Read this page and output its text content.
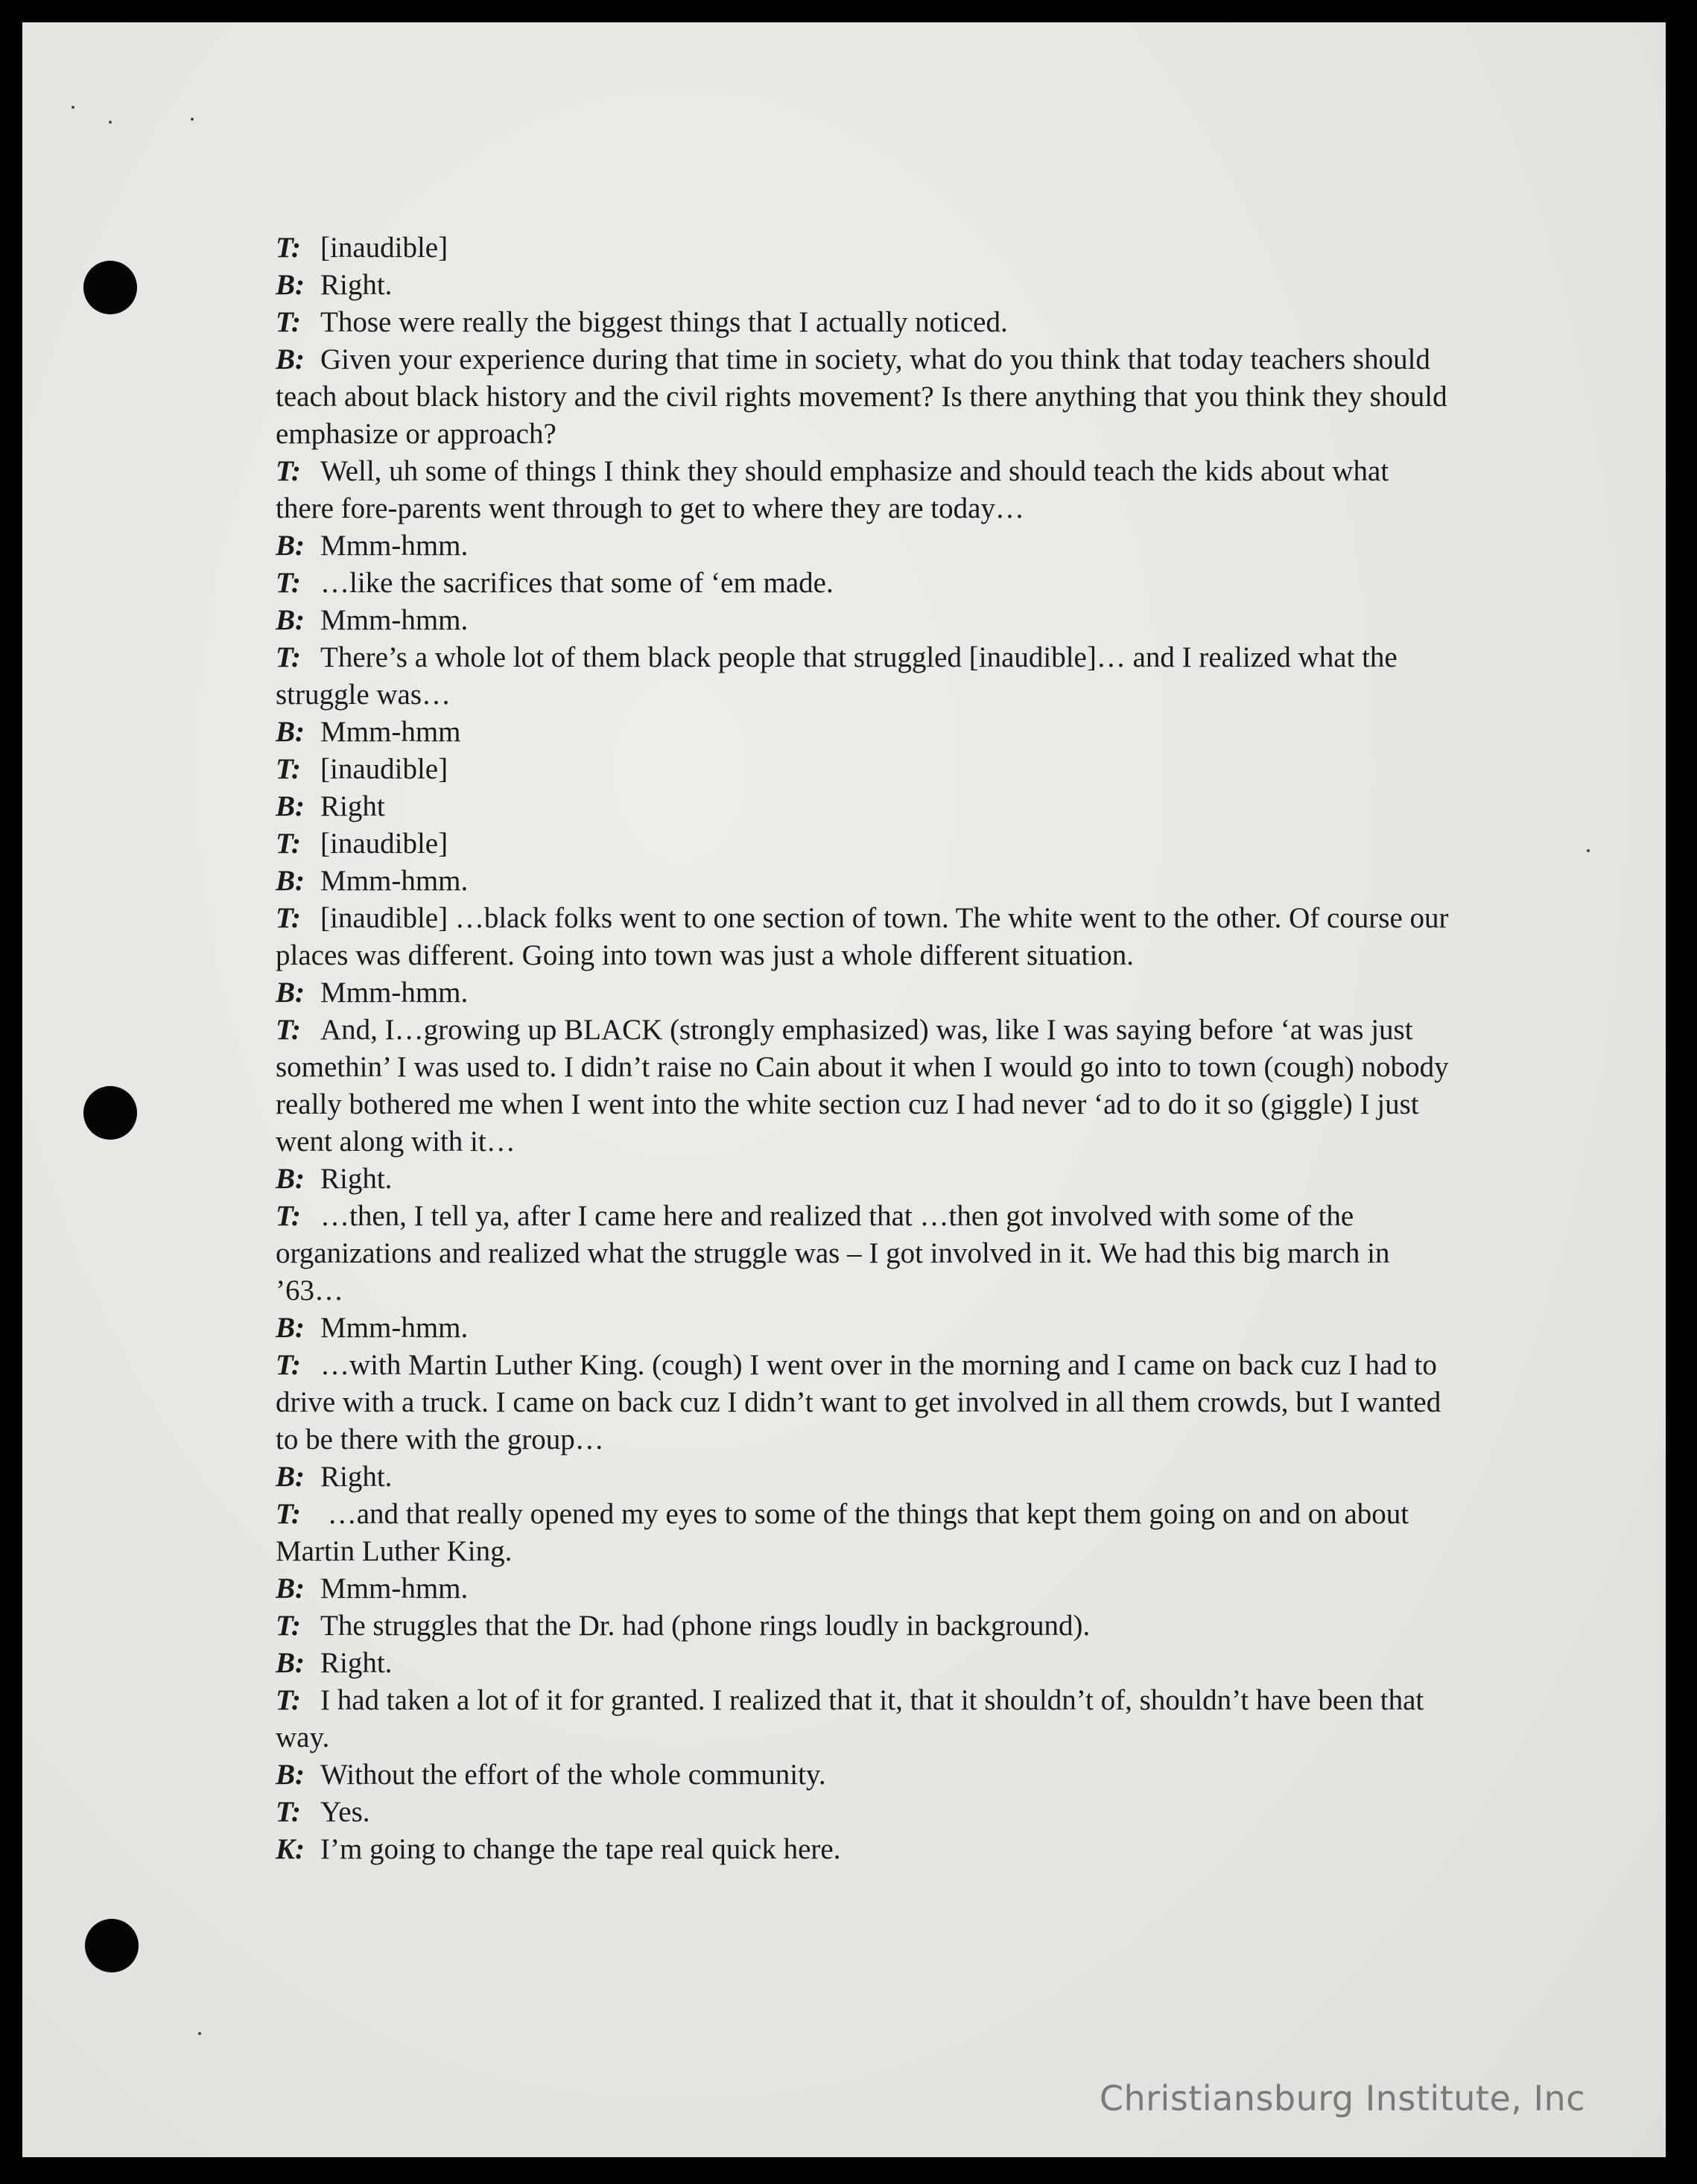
T: [inaudible]

B: Right.

T: Those were really the biggest things that I actually noticed.

B: Given your experience during that time in society, what do you think that today teachers should teach about black history and the civil rights movement? Is there anything that you think they should emphasize or approach?

T: Well, uh some of things I think they should emphasize and should teach the kids about what there fore-parents went through to get to where they are today…

B: Mmm-hmm.

T: …like the sacrifices that some of ‘em made.

B: Mmm-hmm.

T: There’s a whole lot of them black people that struggled [inaudible]… and I realized what the struggle was…

B: Mmm-hmm

T: [inaudible]

B: Right

T: [inaudible]

B: Mmm-hmm.

T: [inaudible] …black folks went to one section of town. The white went to the other. Of course our places was different. Going into town was just a whole different situation.

B: Mmm-hmm.

T: And, I…growing up BLACK (strongly emphasized) was, like I was saying before ‘at was just somethin’ I was used to. I didn’t raise no Cain about it when I would go into to town (cough) nobody really bothered me when I went into the white section cuz I had never ‘ad to do it so (giggle) I just went along with it…

B: Right.

T: …then, I tell ya, after I came here and realized that …then got involved with some of the organizations and realized what the struggle was – I got involved in it. We had this big march in ’63…

B: Mmm-hmm.

T: …with Martin Luther King. (cough) I went over in the morning and I came on back cuz I had to drive with a truck. I came on back cuz I didn’t want to get involved in all them crowds, but I wanted to be there with the group…

B: Right.

T: …and that really opened my eyes to some of the things that kept them going on and on about Martin Luther King.

B: Mmm-hmm.

T: The struggles that the Dr. had (phone rings loudly in background).

B: Right.

T: I had taken a lot of it for granted. I realized that it, that it shouldn’t of, shouldn’t have been that way.

B: Without the effort of the whole community.

T: Yes.

K: I’m going to change the tape real quick here.

Christiansburg Institute, Inc
